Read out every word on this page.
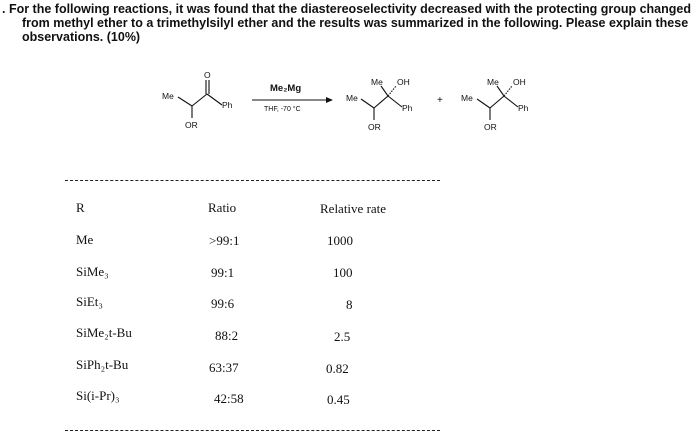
. For the following reactions, it was found that the diastereoselectivity decreased with the protecting group changed
from methyl ether to a trimethylsilyl ether and the results was summarized in the following. Please explain these
observations. (10%)
Me
O
Ph
OR
Me₂Mg
THF, -70 °C
Me OH
Me
Ph
OR
+
Me OH
Me
Ph
OR
R	Ratio	Relative rate
Me	>99:1	1000
SiMe₃	99:1	100
SiEt₃	99:6	8
SiMe₂t-Bu	88:2	2.5
SiPh₂t-Bu	63:37	0.82
Si(i-Pr)₃	42:58	0.45
